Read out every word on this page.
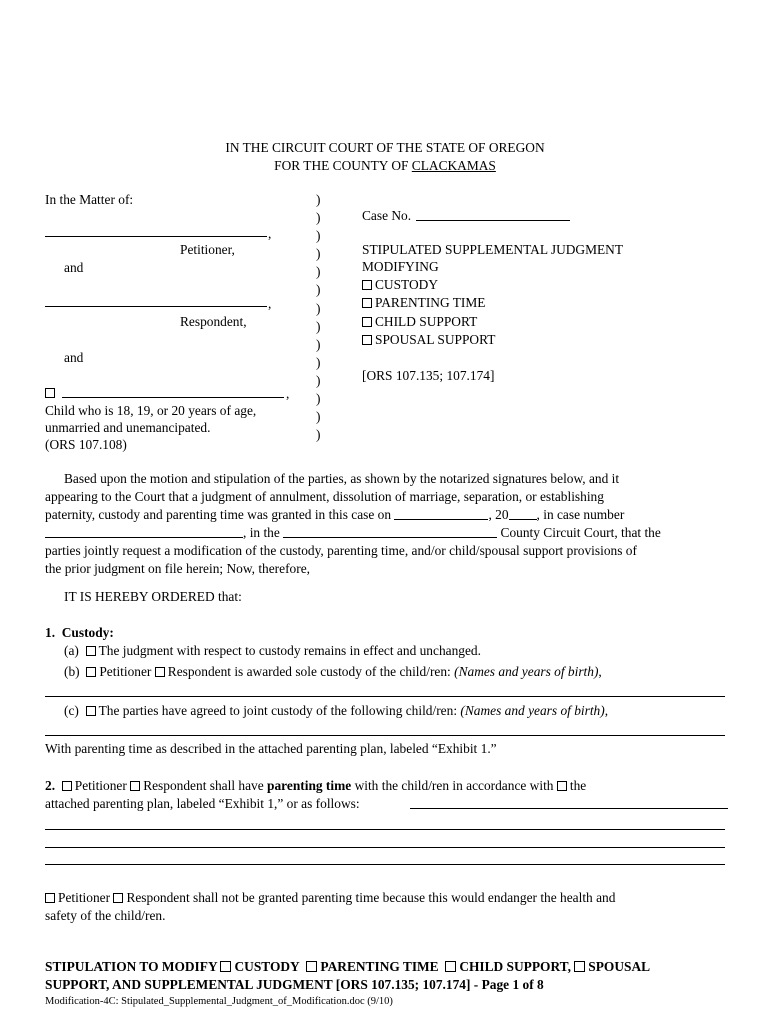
IN THE CIRCUIT COURT OF THE STATE OF OREGON
FOR THE COUNTY OF CLACKAMAS
In the Matter of:
,
Petitioner,
and
,
Respondent,
and
,
Child who is 18, 19, or 20 years of age,
unmarried and unemancipated.
(ORS 107.108)
)
)
)
)
)
)
)
)
)
)
)
)
)
)
Case No.
STIPULATED SUPPLEMENTAL JUDGMENT
MODIFYING
CUSTODY
PARENTING TIME
CHILD SUPPORT
SPOUSAL SUPPORT
[ORS 107.135; 107.174]
Based upon the motion and stipulation of the parties, as shown by the notarized signatures below, and it
appearing to the Court that a judgment of annulment, dissolution of marriage, separation, or establishing
paternity, custody and parenting time was granted in this case on	, 20 , in case number
, in the	County Circuit Court, that the
parties jointly request a modification of the custody, parenting time, and/or child/spousal support provisions of
the prior judgment on file herein; Now, therefore,
IT IS HEREBY ORDERED that:
1.  Custody:
(a) The judgment with respect to custody remains in effect and unchanged.
(b) Petitioner Respondent is awarded sole custody of the child/ren: (Names and years of birth),
(c) The parties have agreed to joint custody of the following child/ren: (Names and years of birth),
With parenting time as described in the attached parenting plan, labeled “Exhibit 1.”
2. Petitioner Respondent shall have parenting time with the child/ren in accordance with the
attached parenting plan, labeled “Exhibit 1,” or as follows:
Petitioner Respondent shall not be granted parenting time because this would endanger the health and
safety of the child/ren.
STIPULATION TO MODIFY CUSTODY PARENTING TIME CHILD SUPPORT, SPOUSAL
SUPPORT, AND SUPPLEMENTAL JUDGMENT [ORS 107.135; 107.174] - Page 1 of 8
Modification-4C: Stipulated_Supplemental_Judgment_of_Modification.doc (9/10)
